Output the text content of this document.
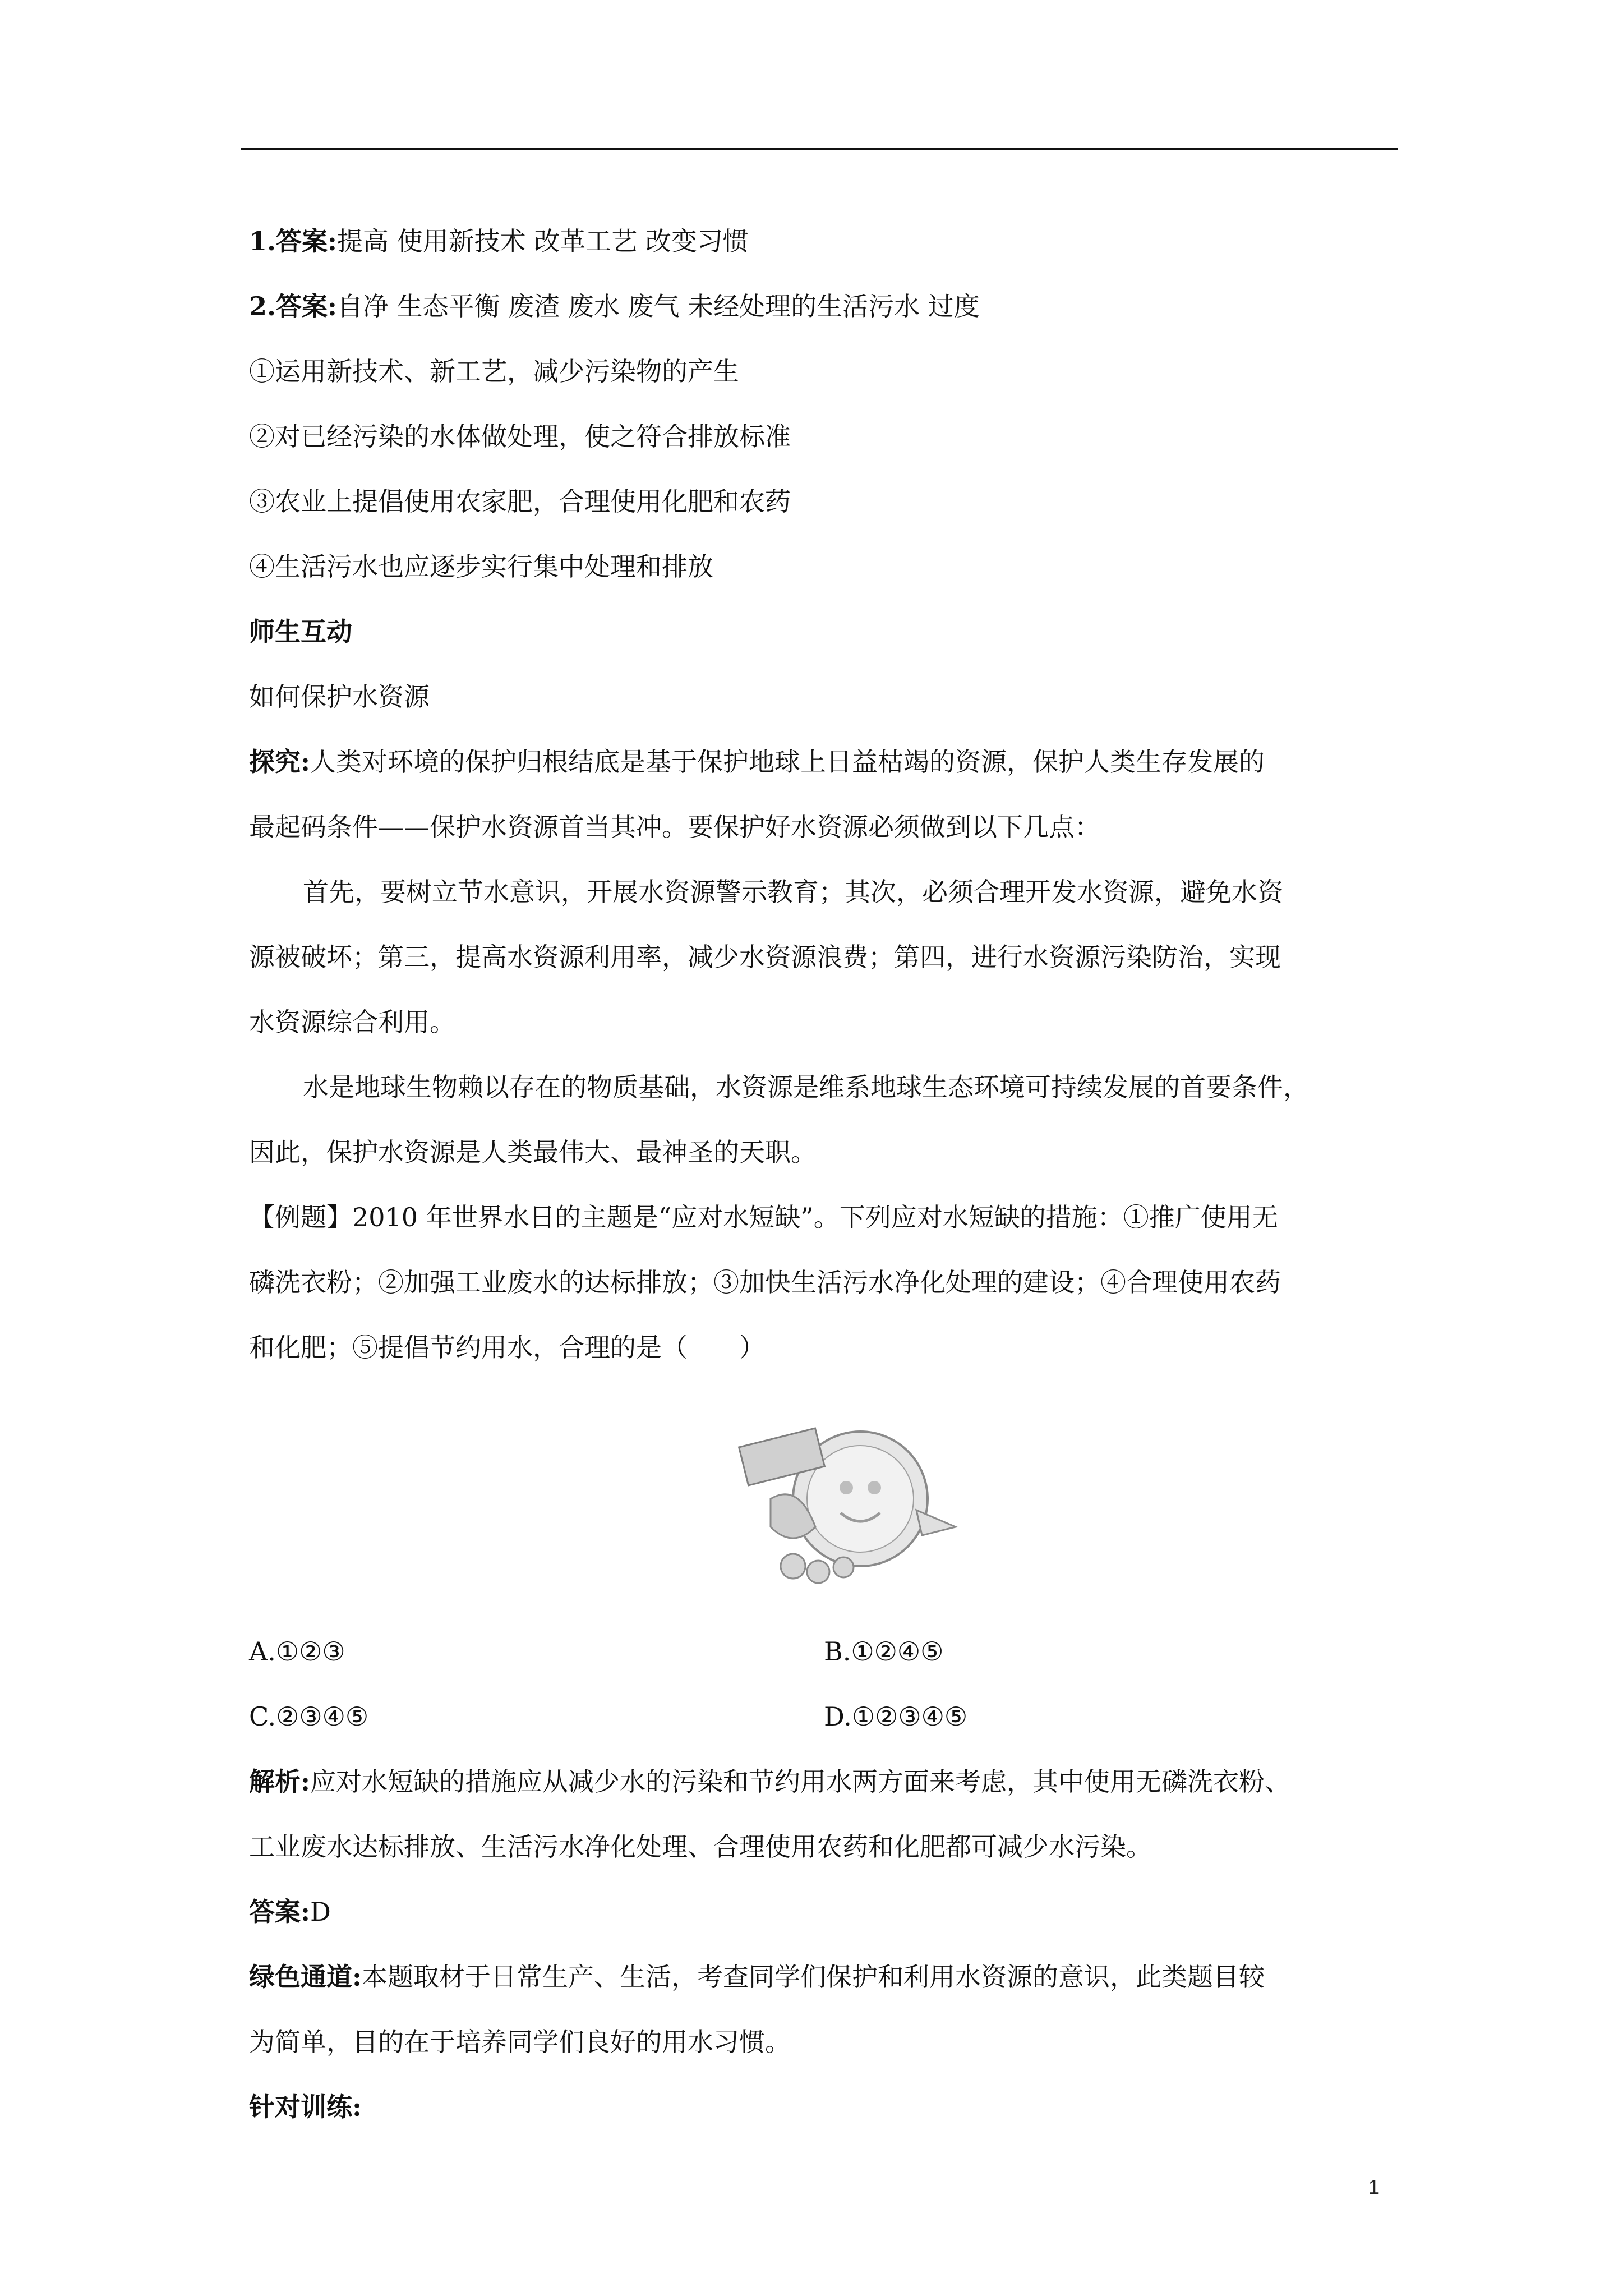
1.答案:提高 使用新技术 改革工艺 改变习惯
2.答案:自净 生态平衡 废渣 废水 废气 未经处理的生活污水 过度
①运用新技术、新工艺，减少污染物的产生
②对已经污染的水体做处理，使之符合排放标准
③农业上提倡使用农家肥，合理使用化肥和农药
④生活污水也应逐步实行集中处理和排放
师生互动
如何保护水资源
探究:人类对环境的保护归根结底是基于保护地球上日益枯竭的资源，保护人类生存发展的
最起码条件——保护水资源首当其冲。要保护好水资源必须做到以下几点：
首先，要树立节水意识，开展水资源警示教育；其次，必须合理开发水资源，避免水资
源被破坏；第三，提高水资源利用率，减少水资源浪费；第四，进行水资源污染防治，实现
水资源综合利用。
水是地球生物赖以存在的物质基础，水资源是维系地球生态环境可持续发展的首要条件，
因此，保护水资源是人类最伟大、最神圣的天职。
【例题】2010 年世界水日的主题是“应对水短缺”。下列应对水短缺的措施：①推广使用无
磷洗衣粉；②加强工业废水的达标排放；③加快生活污水净化处理的建设；④合理使用农药
和化肥；⑤提倡节约用水，合理的是（　　）
A.①②③	B.①②④⑤
C.②③④⑤	D.①②③④⑤
解析:应对水短缺的措施应从减少水的污染和节约用水两方面来考虑，其中使用无磷洗衣粉、
工业废水达标排放、生活污水净化处理、合理使用农药和化肥都可减少水污染。
答案:D
绿色通道:本题取材于日常生产、生活，考查同学们保护和利用水资源的意识，此类题目较
为简单，目的在于培养同学们良好的用水习惯。
针对训练:
1
